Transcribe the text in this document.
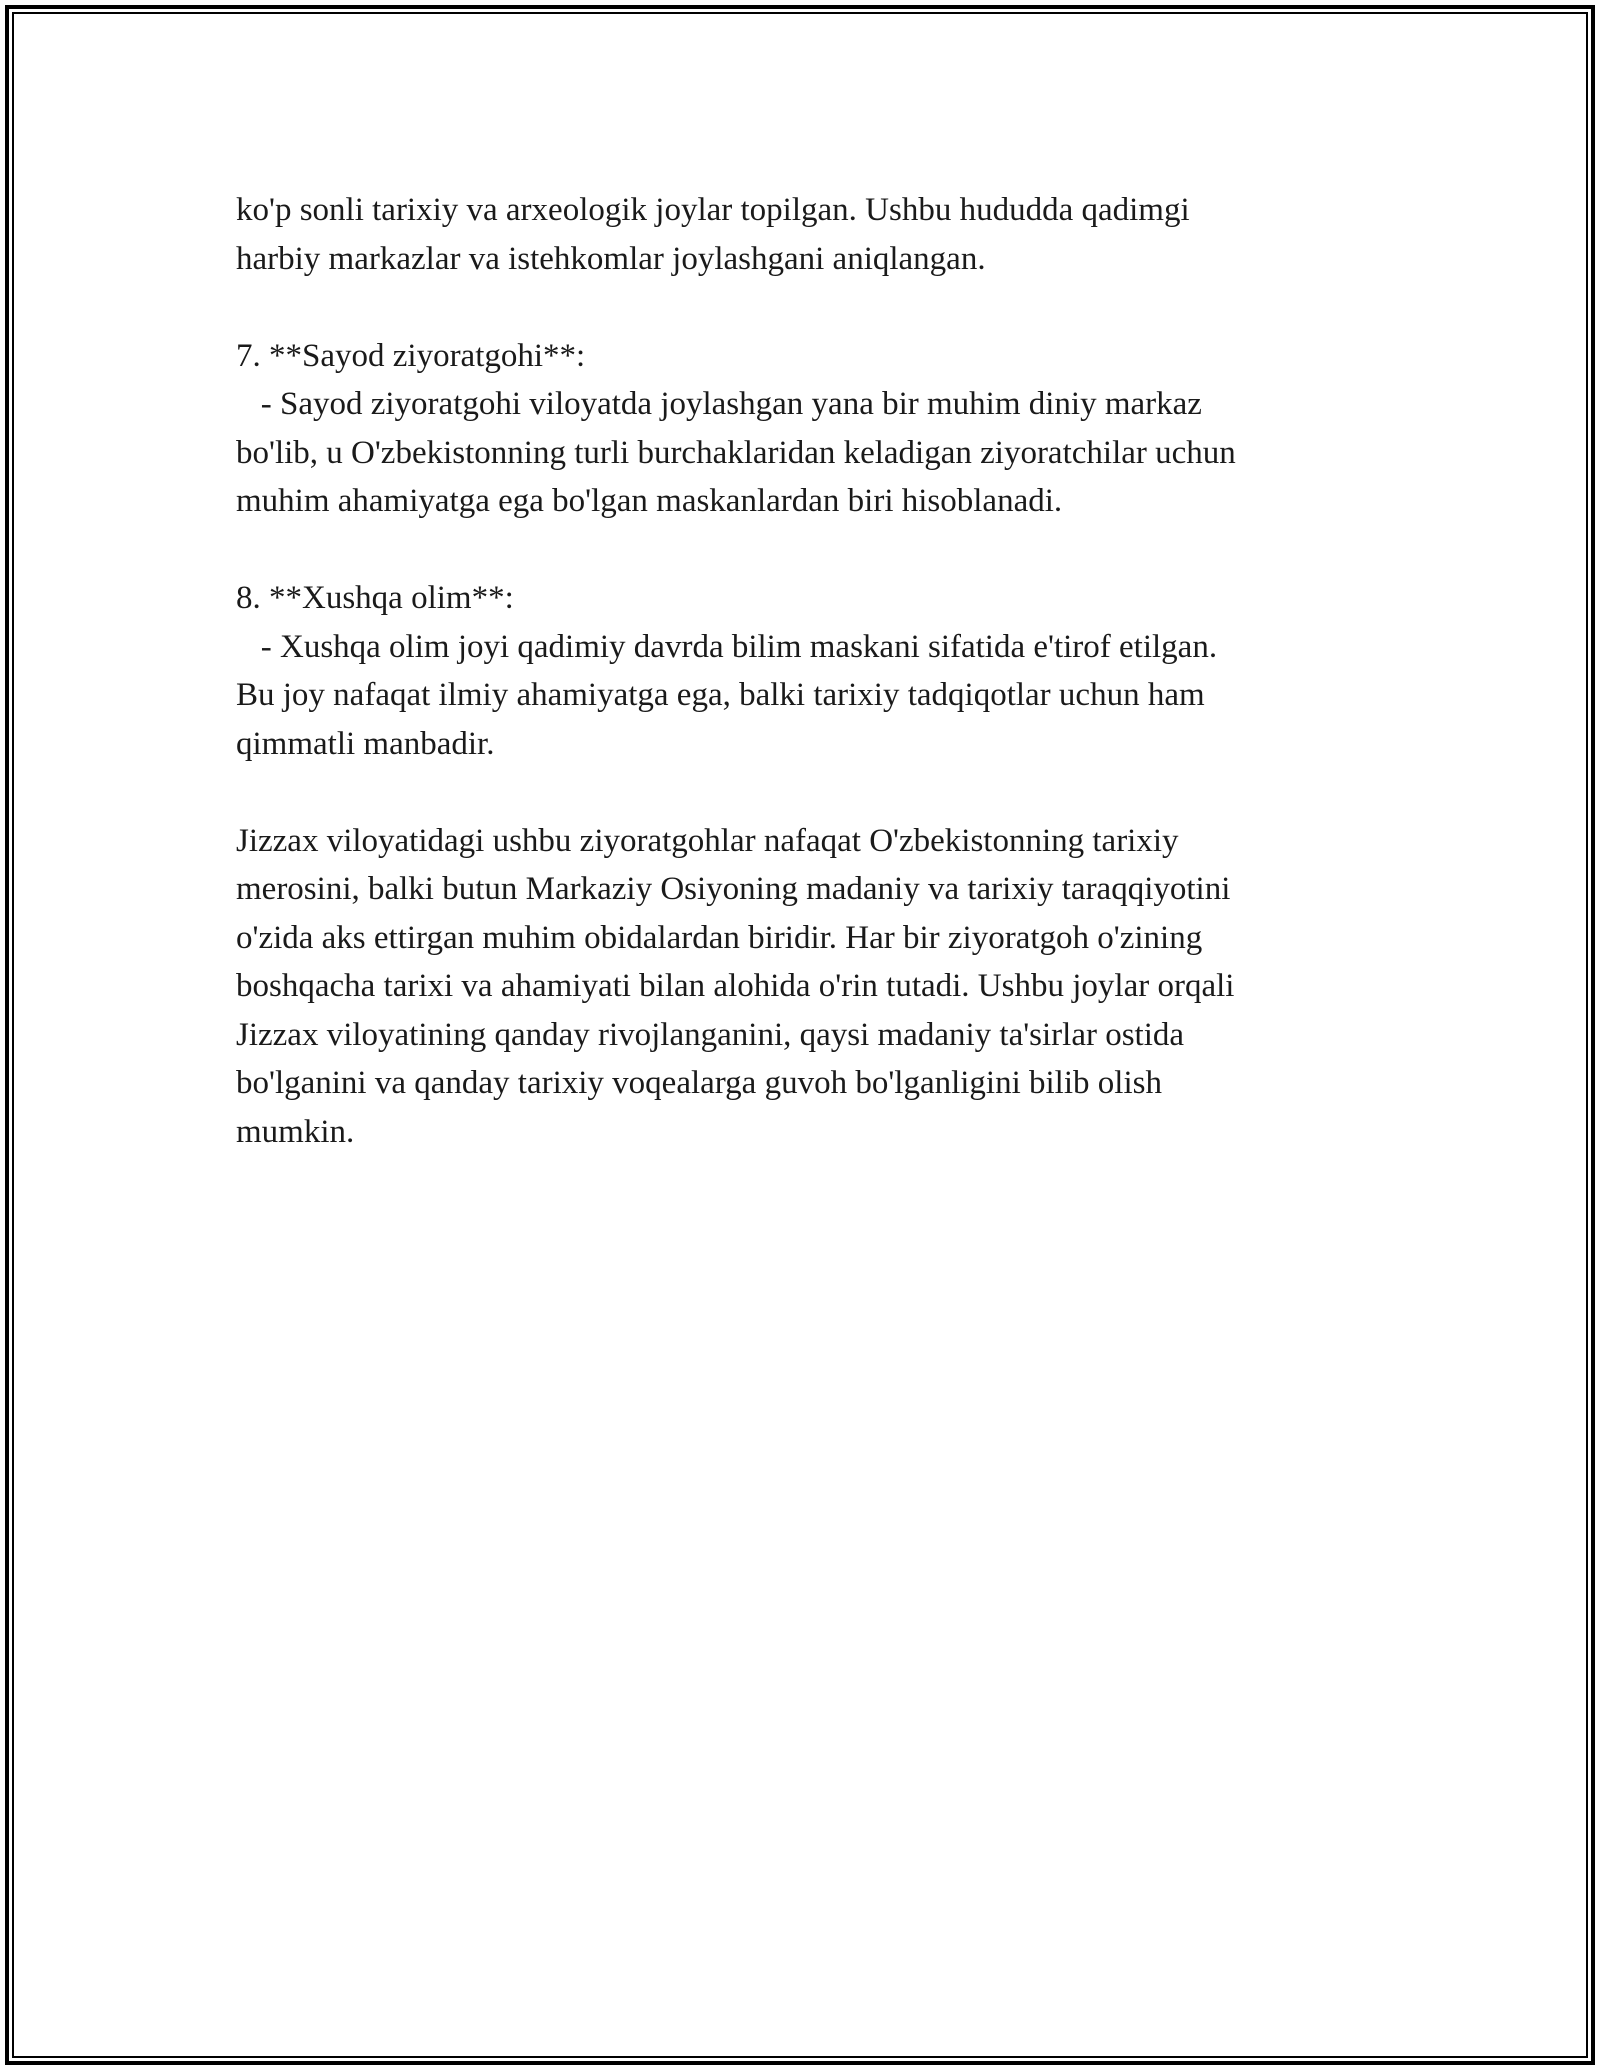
ko'p sonli tarixiy va arxeologik joylar topilgan. Ushbu hududda qadimgi
harbiy markazlar va istehkomlar joylashgani aniqlangan.
7. **Sayod ziyoratgohi**:
- Sayod ziyoratgohi viloyatda joylashgan yana bir muhim diniy markaz
bo'lib, u O'zbekistonning turli burchaklaridan keladigan ziyoratchilar uchun
muhim ahamiyatga ega bo'lgan maskanlardan biri hisoblanadi.
8. **Xushqa olim**:
- Xushqa olim joyi qadimiy davrda bilim maskani sifatida e'tirof etilgan.
Bu joy nafaqat ilmiy ahamiyatga ega, balki tarixiy tadqiqotlar uchun ham
qimmatli manbadir.
Jizzax viloyatidagi ushbu ziyoratgohlar nafaqat O'zbekistonning tarixiy
merosini, balki butun Markaziy Osiyoning madaniy va tarixiy taraqqiyotini
o'zida aks ettirgan muhim obidalardan biridir. Har bir ziyoratgoh o'zining
boshqacha tarixi va ahamiyati bilan alohida o'rin tutadi. Ushbu joylar orqali
Jizzax viloyatining qanday rivojlanganini, qaysi madaniy ta'sirlar ostida
bo'lganini va qanday tarixiy voqealarga guvoh bo'lganligini bilib olish
mumkin.
